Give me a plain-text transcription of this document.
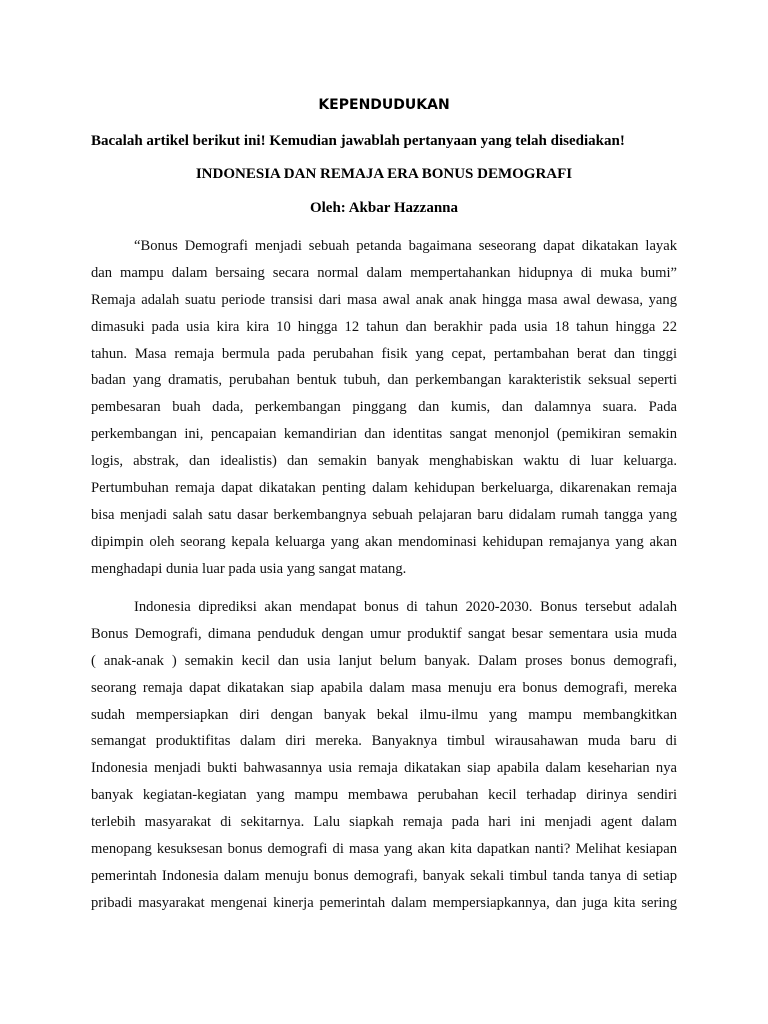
KEPENDUDUKAN
Bacalah artikel berikut ini! Kemudian jawablah pertanyaan yang telah disediakan!
INDONESIA DAN REMAJA ERA BONUS DEMOGRAFI
Oleh: Akbar Hazzanna
“Bonus Demografi menjadi sebuah petanda bagaimana seseorang dapat dikatakan layak
dan mampu dalam bersaing secara normal dalam mempertahankan hidupnya di muka bumi”
Remaja adalah suatu periode transisi dari masa awal anak anak hingga masa awal dewasa, yang
dimasuki pada usia kira kira 10 hingga 12 tahun dan berakhir pada usia 18 tahun hingga 22
tahun. Masa remaja bermula pada perubahan fisik yang cepat, pertambahan berat dan tinggi
badan yang dramatis, perubahan bentuk tubuh, dan perkembangan karakteristik seksual seperti
pembesaran buah dada, perkembangan pinggang dan kumis, dan dalamnya suara. Pada
perkembangan ini, pencapaian kemandirian dan identitas sangat menonjol (pemikiran semakin
logis, abstrak, dan idealistis) dan semakin banyak menghabiskan waktu di luar keluarga.
Pertumbuhan remaja dapat dikatakan penting dalam kehidupan berkeluarga, dikarenakan remaja
bisa menjadi salah satu dasar berkembangnya sebuah pelajaran baru didalam rumah tangga yang
dipimpin oleh seorang kepala keluarga yang akan mendominasi kehidupan remajanya yang akan
menghadapi dunia luar pada usia yang sangat matang.
Indonesia diprediksi akan mendapat bonus di tahun 2020-2030. Bonus tersebut adalah
Bonus Demografi, dimana penduduk dengan umur produktif sangat besar sementara usia muda
( anak-anak ) semakin kecil dan usia lanjut belum banyak. Dalam proses bonus demografi,
seorang remaja dapat dikatakan siap apabila dalam masa menuju era bonus demografi, mereka
sudah mempersiapkan diri dengan banyak bekal ilmu-ilmu yang mampu membangkitkan
semangat produktifitas dalam diri mereka. Banyaknya timbul wirausahawan muda baru di
Indonesia menjadi bukti bahwasannya usia remaja dikatakan siap apabila dalam keseharian nya
banyak kegiatan-kegiatan yang mampu membawa perubahan kecil terhadap dirinya sendiri
terlebih masyarakat di sekitarnya. Lalu siapkah remaja pada hari ini menjadi agent dalam
menopang kesuksesan bonus demografi di masa yang akan kita dapatkan nanti? Melihat kesiapan
pemerintah Indonesia dalam menuju bonus demografi, banyak sekali timbul tanda tanya di setiap
pribadi masyarakat mengenai kinerja pemerintah dalam mempersiapkannya, dan juga kita sering
